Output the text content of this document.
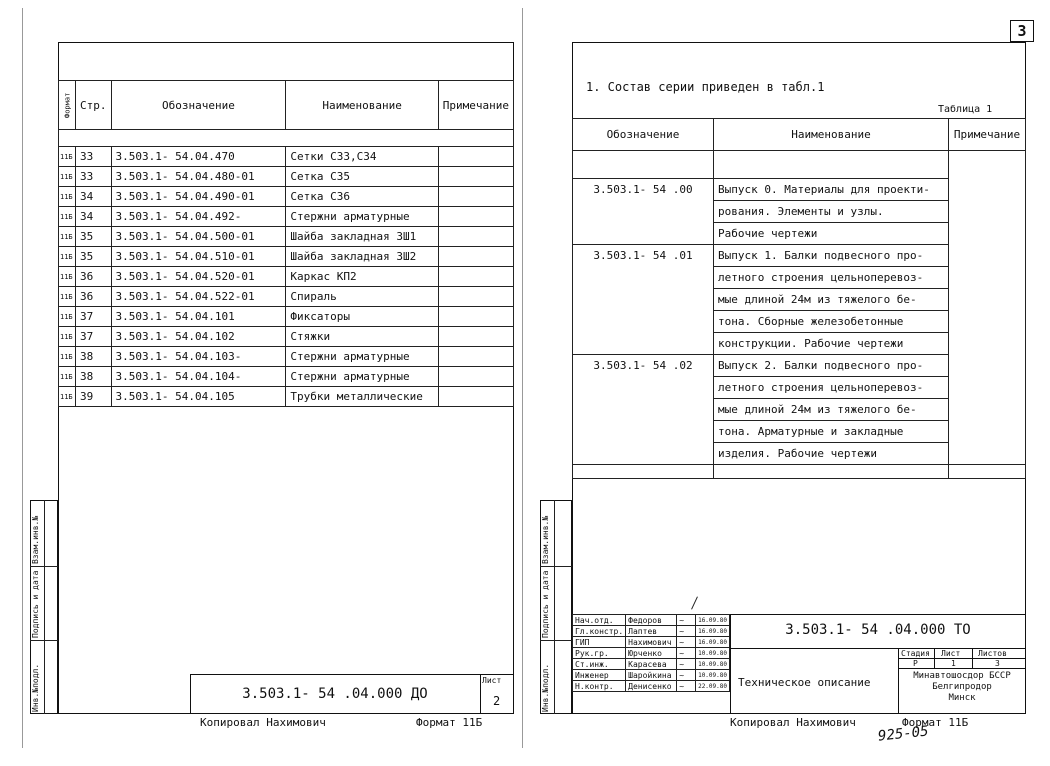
3
Формат	Стр.	Обозначение	Наименование	Примечание

11Б	33	3.503.1- 54.04.470	Сетки С33,С34	
11Б	33	3.503.1- 54.04.480-01	Сетка С35	
11Б	34	3.503.1- 54.04.490-01	Сетка С36	
11Б	34	3.503.1- 54.04.492-	Стержни арматурные	
11Б	35	3.503.1- 54.04.500-01	Шайба закладная ЗШ1	
11Б	35	3.503.1- 54.04.510-01	Шайба закладная ЗШ2	
11Б	36	3.503.1- 54.04.520-01	Каркас КП2	
11Б	36	3.503.1- 54.04.522-01	Спираль	
11Б	37	3.503.1- 54.04.101	Фиксаторы	
11Б	37	3.503.1- 54.04.102	Стяжки	
11Б	38	3.503.1- 54.04.103-	Стержни арматурные	
11Б	38	3.503.1- 54.04.104-	Стержни арматурные	
11Б	39	3.503.1- 54.04.105	Трубки металлические	
Инв.№подл.
Подпись и дата
Взам.инв.№
3.503.1- 54 .04.000 ДО
Лист
2
Копировал Нахимович	Формат 11Б
1. Состав серии приведен в табл.1
Таблица 1
Обозначение	Наименование	Примечание

3.503.1- 54 .00	Выпуск 0. Материалы для проекти-	
	рования. Элементы и узлы.	
	Рабочие чертежи	
3.503.1- 54 .01	Выпуск 1. Балки подвесного про-	
	летного строения цельноперевоз-	
	мые длиной 24м из тяжелого бе-	
	тона. Сборные железобетонные	
	конструкции. Рабочие чертежи	
3.503.1- 54 .02	Выпуск 2. Балки подвесного про-	
	летного строения цельноперевоз-	
	мые длиной 24м из тяжелого бе-	
	тона. Арматурные и закладные	
	изделия. Рабочие чертежи	

Инв.№подл.
Подпись и дата
Взам.инв.№
Нач.отд.	Федоров	~	16.09.80
Гл.констр.	Лаптев	~	16.09.80
ГИП	Нахимович	~	16.09.80
Рук.гр.	Юрченко	~	10.09.80
Ст.инж.	Карасева	~	10.09.80
Инженер	Шаройкина	~	10.09.80
Н.контр.	Денисенко	~	22.09.80
3.503.1- 54 .04.000 ТО
Техническое описание
Стадия Лист Листов
Р	1	3
Минавтошосдор БССР
Белгипродор
Минск
Копировал Нахимович	Формат 11Б
925-05
